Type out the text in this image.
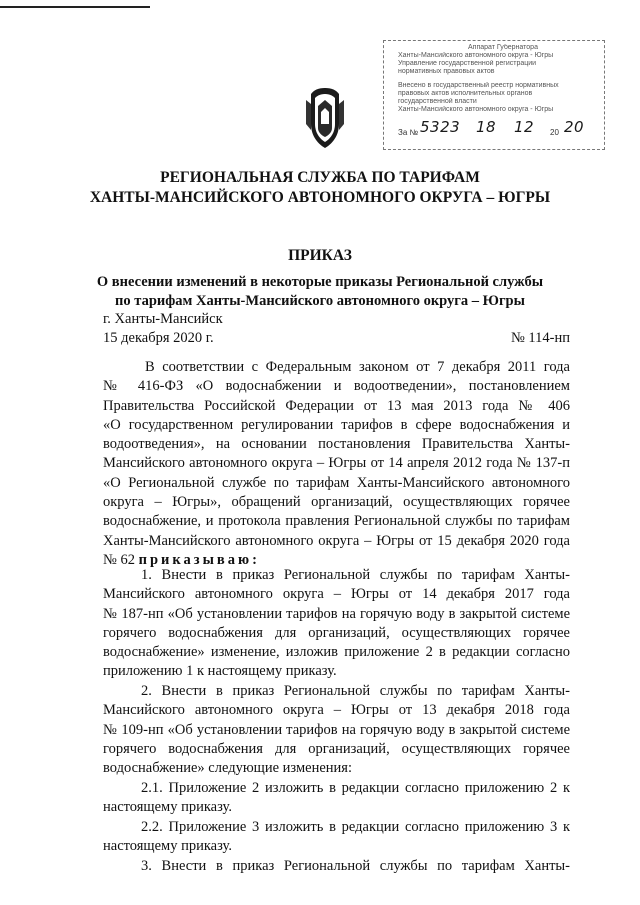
Аппарат Губернатора
Ханты-Мансийского автономного округа - Югры
Управление государственной регистрации
нормативных правовых актов
Внесено в государственный реестр нормативных
правовых актов исполнительных органов
государственной власти
Ханты-Мансийского автономного округа - Югры
За № 5323 18 12 20 20
РЕГИОНАЛЬНАЯ СЛУЖБА ПО ТАРИФАМ
ХАНТЫ-МАНСИЙСКОГО АВТОНОМНОГО ОКРУГА – ЮГРЫ
ПРИКАЗ
О внесении изменений в некоторые приказы Региональной службы
по тарифам Ханты-Мансийского автономного округа – Югры
г. Ханты-Мансийск
15 декабря 2020 г.	№ 114-нп
В соответствии с Федеральным законом от 7 декабря 2011 года
№ 416-ФЗ «О водоснабжении и водоотведении», постановлением
Правительства Российской Федерации от 13 мая 2013 года № 406
«О государственном регулировании тарифов в сфере водоснабжения и
водоотведения», на основании постановления Правительства Ханты-
Мансийского автономного округа – Югры от 14 апреля 2012 года № 137-п
«О Региональной службе по тарифам Ханты-Мансийского автономного
округа – Югры», обращений организаций, осуществляющих горячее
водоснабжение, и протокола правления Региональной службы по тарифам
Ханты-Мансийского автономного округа – Югры от 15 декабря 2020 года
№ 62 приказываю:
1. Внести в приказ Региональной службы по тарифам Ханты-
Мансийского автономного округа – Югры от 14 декабря 2017 года
№ 187-нп «Об установлении тарифов на горячую воду в закрытой системе
горячего водоснабжения для организаций, осуществляющих горячее
водоснабжение» изменение, изложив приложение 2 в редакции согласно
приложению 1 к настоящему приказу.
2. Внести в приказ Региональной службы по тарифам Ханты-
Мансийского автономного округа – Югры от 13 декабря 2018 года
№ 109-нп «Об установлении тарифов на горячую воду в закрытой системе
горячего водоснабжения для организаций, осуществляющих горячее
водоснабжение» следующие изменения:
2.1. Приложение 2 изложить в редакции согласно приложению 2 к
настоящему приказу.
2.2. Приложение 3 изложить в редакции согласно приложению 3 к
настоящему приказу.
3. Внести в приказ Региональной службы по тарифам Ханты-
